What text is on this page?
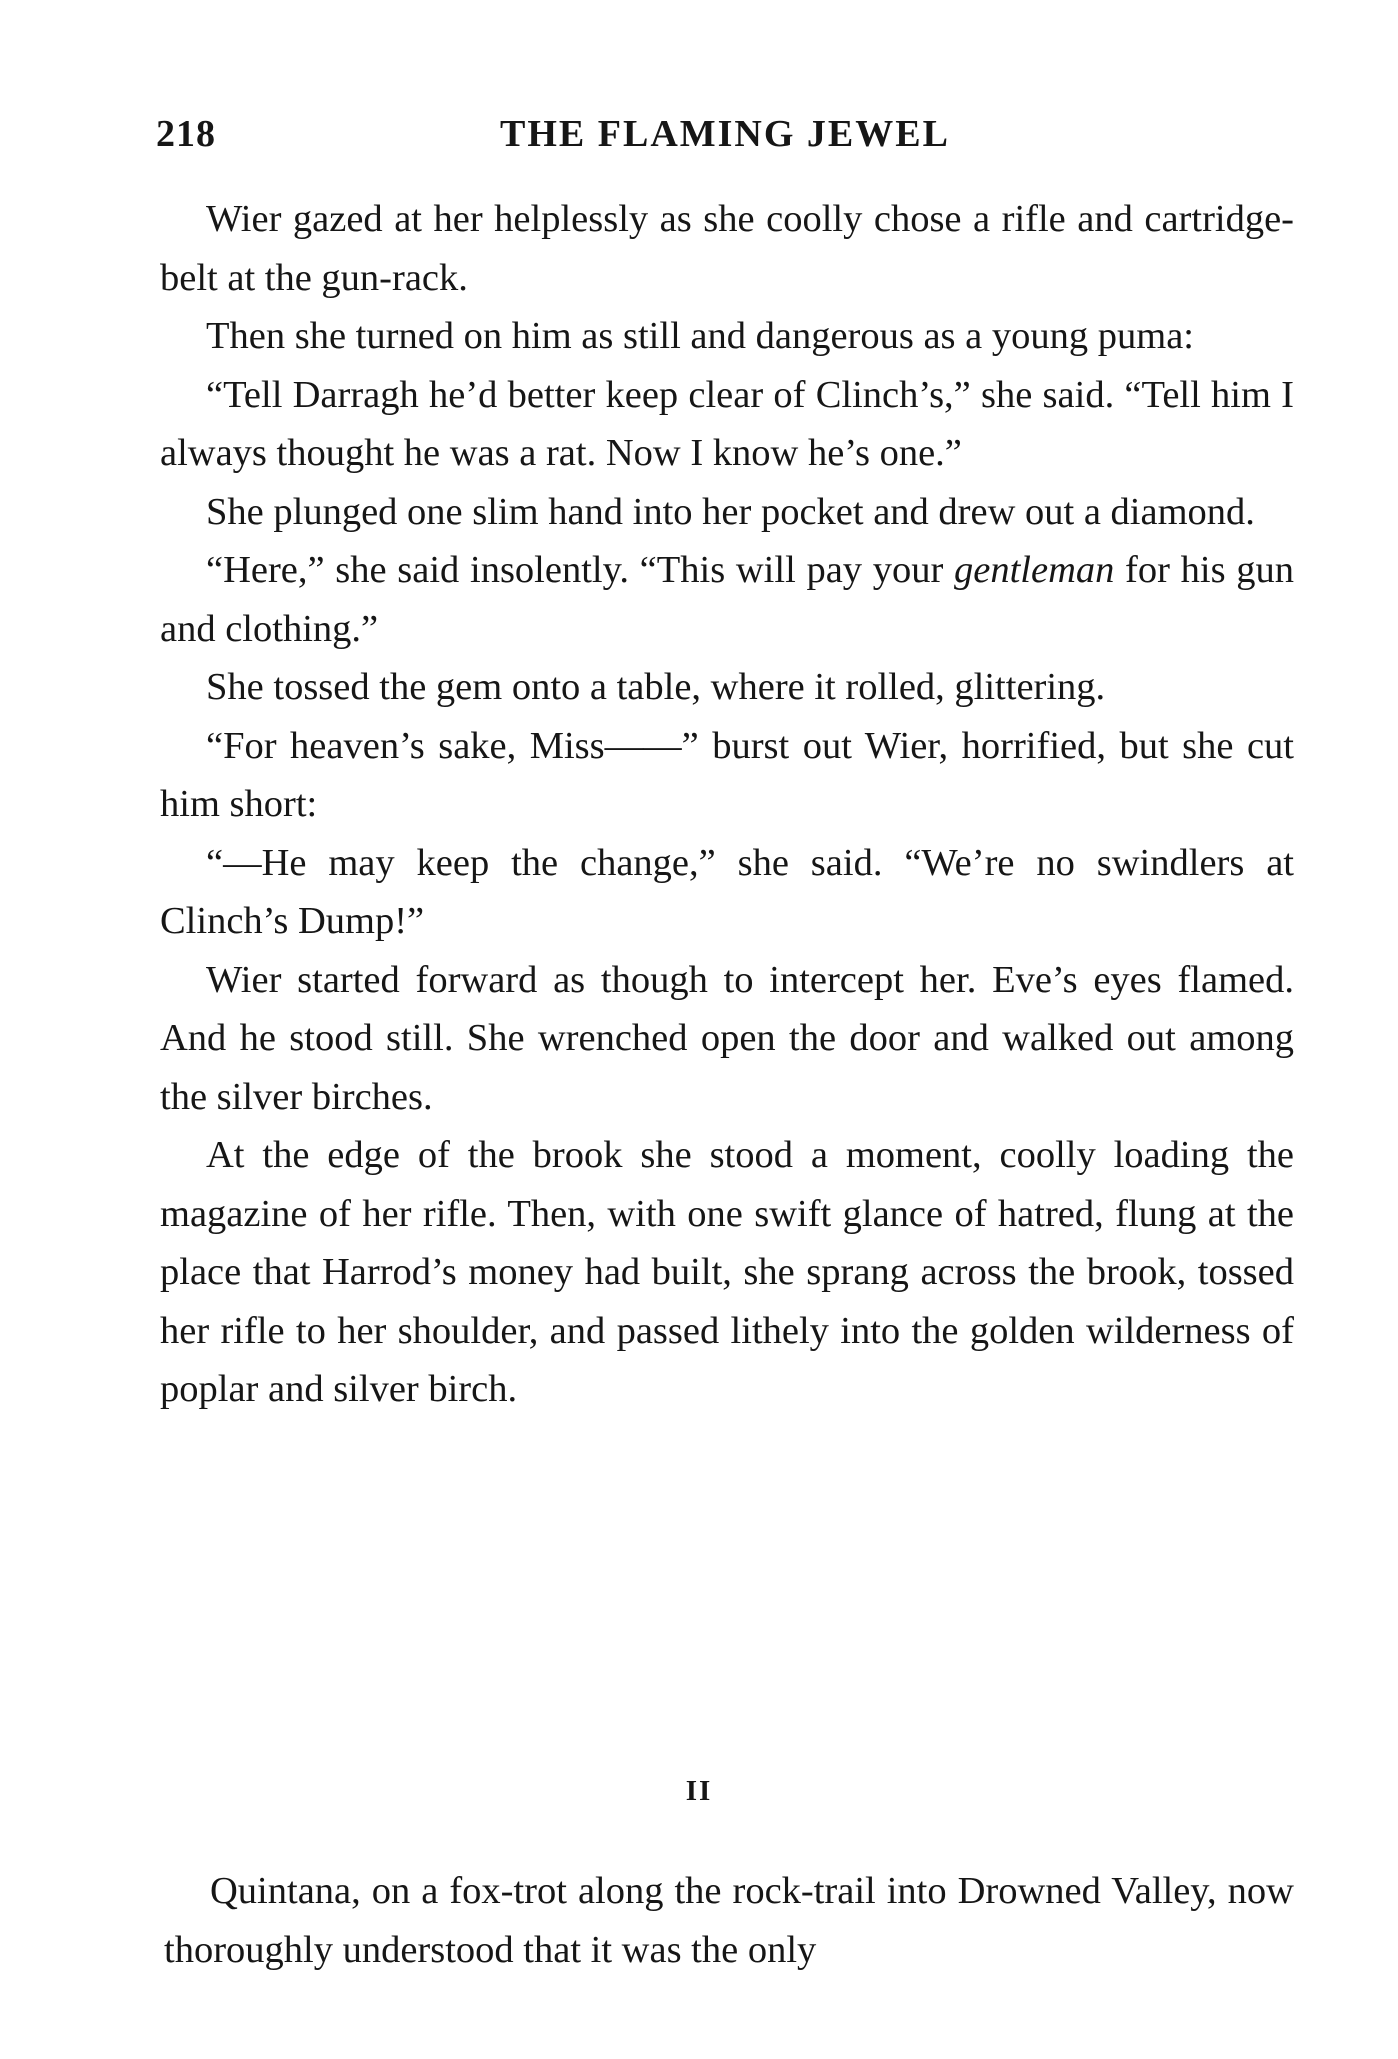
218	THE FLAMING JEWEL

Wier gazed at her helplessly as she coolly chose a rifle and cartridge-belt at the gun-rack.

Then she turned on him as still and dangerous as a young puma:

“Tell Darragh he’d better keep clear of Clinch’s,” she said. “Tell him I always thought he was a rat. Now I know he’s one.”

She plunged one slim hand into her pocket and drew out a diamond.

“Here,” she said insolently. “This will pay your gentleman for his gun and clothing.”

She tossed the gem onto a table, where it rolled, glittering.

“For heaven’s sake, Miss——” burst out Wier, horrified, but she cut him short:

“—He may keep the change,” she said. “We’re no swindlers at Clinch’s Dump!”

Wier started forward as though to intercept her. Eve’s eyes flamed. And he stood still. She wrenched open the door and walked out among the silver birches.

At the edge of the brook she stood a moment, coolly loading the magazine of her rifle. Then, with one swift glance of hatred, flung at the place that Harrod’s money had built, she sprang across the brook, tossed her rifle to her shoulder, and passed lithely into the golden wilderness of poplar and silver birch.

II

Quintana, on a fox-trot along the rock-trail into Drowned Valley, now thoroughly understood that it was the only
